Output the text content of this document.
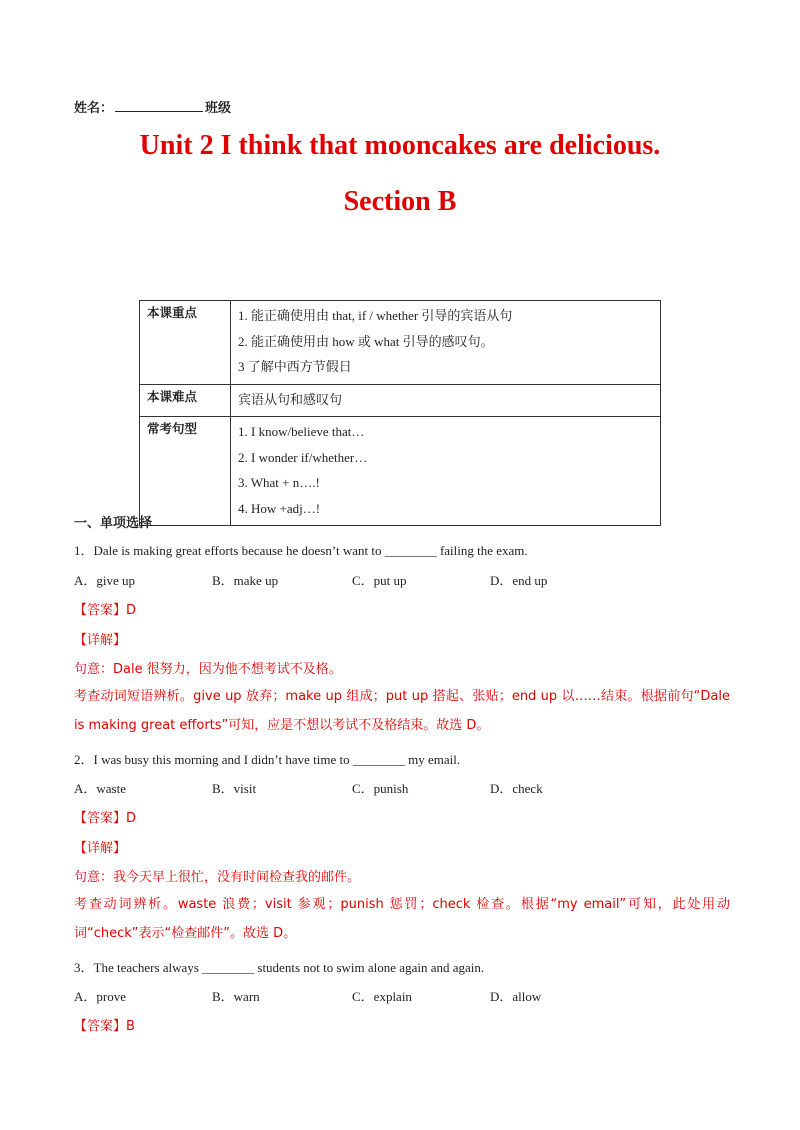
姓名：	班级
Unit 2 I think that mooncakes are delicious.
Section B
本课重点	1. 能正确使用由 that, if / whether 引导的宾语从句
2. 能正确使用由 how 或 what 引导的感叹句。
3 了解中西方节假日

本课难点	宾语从句和感叹句

常考句型	1. I know/believe that…
2. I wonder if/whether…
3. What + n….!
4. How +adj…!
一、单项选择
1．Dale is making great efforts because he doesn’t want to ________ failing the exam.
A．give up	B．make up	C．put up	D．end up
【答案】D
【详解】
句意：Dale 很努力，因为他不想考试不及格。
考查动词短语辨析。give up 放弃；make up 组成；put up 搭起、张贴；end up 以……结束。根据前句“Dale is making great efforts”可知，应是不想以考试不及格结束。故选 D。
2．I was busy this morning and I didn’t have time to ________ my email.
A．waste	B．visit	C．punish	D．check
【答案】D
【详解】
句意：我今天早上很忙，没有时间检查我的邮件。
考查动词辨析。waste 浪费；visit 参观；punish 惩罚；check 检查。根据“my email”可知，此处用动词“check”表示“检查邮件”。故选 D。
3．The teachers always ________ students not to swim alone again and again.
A．prove	B．warn	C．explain	D．allow
【答案】B
